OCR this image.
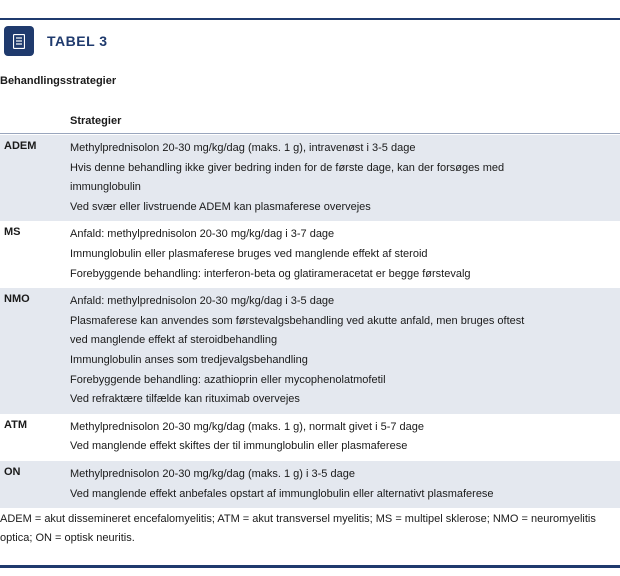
TABEL 3
Behandlingsstrategier
Strategier
ADEM	Methylprednisolon 20-30 mg/kg/dag (maks. 1 g), intravenøst i 3-5 dage
Hvis denne behandling ikke giver bedring inden for de første dage, kan der forsøges med
immunglobulin
Ved svær eller livstruende ADEM kan plasmaferese overvejes
MS	Anfald: methylprednisolon 20-30 mg/kg/dag i 3-7 dage
Immunglobulin eller plasmaferese bruges ved manglende effekt af steroid
Forebyggende behandling: interferon-beta og glatirameracetat er begge førstevalg
NMO	Anfald: methylprednisolon 20-30 mg/kg/dag i 3-5 dage
Plasmaferese kan anvendes som førstevalgsbehandling ved akutte anfald, men bruges oftest
ved manglende effekt af steroidbehandling
Immunglobulin anses som tredjevalgsbehandling
Forebyggende behandling: azathioprin eller mycophenolatmofetil
Ved refraktære tilfælde kan rituximab overvejes
ATM	Methylprednisolon 20-30 mg/kg/dag (maks. 1 g), normalt givet i 5-7 dage
Ved manglende effekt skiftes der til immunglobulin eller plasmaferese
ON	Methylprednisolon 20-30 mg/kg/dag (maks. 1 g) i 3-5 dage
Ved manglende effekt anbefales opstart af immunglobulin eller alternativt plasmaferese
ADEM = akut dissemineret encefalomyelitis; ATM = akut transversel myelitis; MS = multipel sklerose; NMO = neuromyelitis optica; ON = optisk neuritis.
